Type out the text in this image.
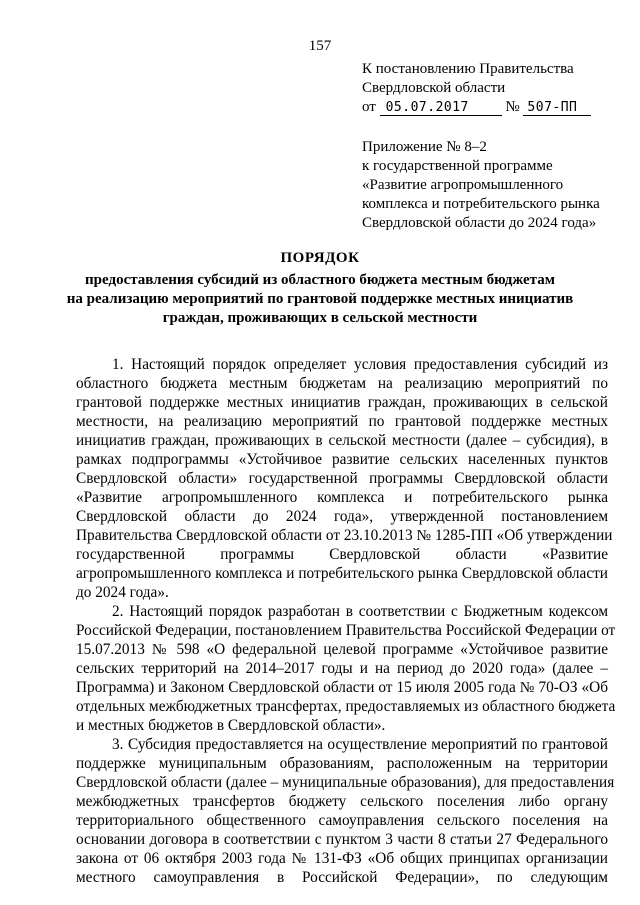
157
К постановлению Правительства
Свердловской области
от 05.07.2017 № 507-ПП
Приложение № 8–2
к государственной программе
«Развитие агропромышленного
комплекса и потребительского рынка
Свердловской области до 2024 года»
ПОРЯДОК
предоставления субсидий из областного бюджета местным бюджетам
на реализацию мероприятий по грантовой поддержке местных инициатив
граждан, проживающих в сельской местности
1. Настоящий порядок определяет условия предоставления субсидий из
областного бюджета местным бюджетам на реализацию мероприятий по
грантовой поддержке местных инициатив граждан, проживающих в сельской
местности, на реализацию мероприятий по грантовой поддержке местных
инициатив граждан, проживающих в сельской местности (далее – субсидия), в
рамках подпрограммы «Устойчивое развитие сельских населенных пунктов
Свердловской области» государственной программы Свердловской области
«Развитие агропромышленного комплекса и потребительского рынка
Свердловской области до 2024 года», утвержденной постановлением
Правительства Свердловской области от 23.10.2013 № 1285-ПП «Об утверждении
государственной программы Свердловской области «Развитие
агропромышленного комплекса и потребительского рынка Свердловской области
до 2024 года».
2. Настоящий порядок разработан в соответствии с Бюджетным кодексом
Российской Федерации, постановлением Правительства Российской Федерации от
15.07.2013 № 598 «О федеральной целевой программе «Устойчивое развитие
сельских территорий на 2014–2017 годы и на период до 2020 года» (далее –
Программа) и Законом Свердловской области от 15 июля 2005 года № 70-ОЗ «Об
отдельных межбюджетных трансфертах, предоставляемых из областного бюджета
и местных бюджетов в Свердловской области».
3. Субсидия предоставляется на осуществление мероприятий по грантовой
поддержке муниципальным образованиям, расположенным на территории
Свердловской области (далее – муниципальные образования), для предоставления
межбюджетных трансфертов бюджету сельского поселения либо органу
территориального общественного самоуправления сельского поселения на
основании договора в соответствии с пунктом 3 части 8 статьи 27 Федерального
закона от 06 октября 2003 года № 131-ФЗ «Об общих принципах организации
местного самоуправления в Российской Федерации», по следующим
